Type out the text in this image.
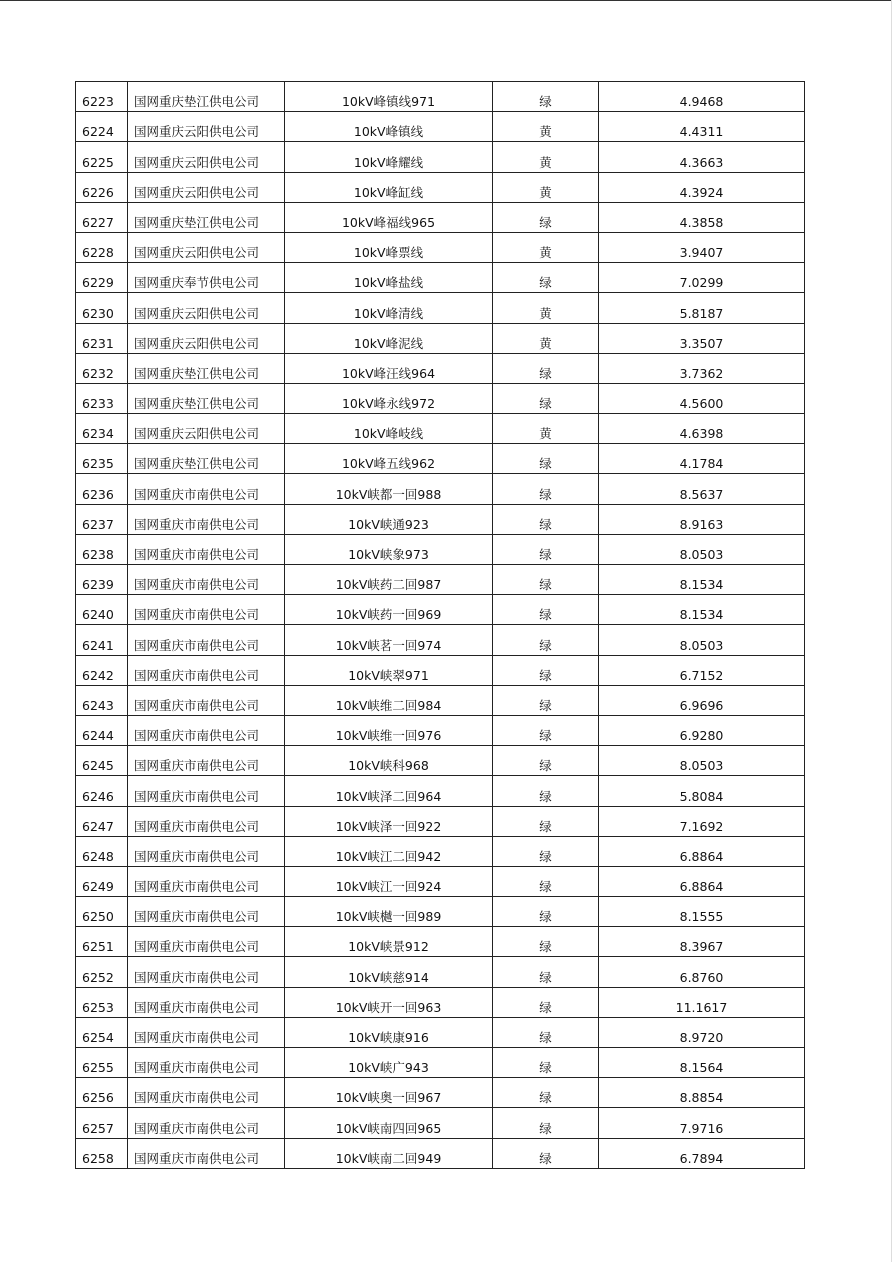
6223	国网重庆垫江供电公司	10kV峰镇线971	绿	4.9468
6224	国网重庆云阳供电公司	10kV峰镇线	黄	4.4311
6225	国网重庆云阳供电公司	10kV峰耀线	黄	4.3663
6226	国网重庆云阳供电公司	10kV峰缸线	黄	4.3924
6227	国网重庆垫江供电公司	10kV峰福线965	绿	4.3858
6228	国网重庆云阳供电公司	10kV峰票线	黄	3.9407
6229	国网重庆奉节供电公司	10kV峰盐线	绿	7.0299
6230	国网重庆云阳供电公司	10kV峰清线	黄	5.8187
6231	国网重庆云阳供电公司	10kV峰泥线	黄	3.3507
6232	国网重庆垫江供电公司	10kV峰汪线964	绿	3.7362
6233	国网重庆垫江供电公司	10kV峰永线972	绿	4.5600
6234	国网重庆云阳供电公司	10kV峰岐线	黄	4.6398
6235	国网重庆垫江供电公司	10kV峰五线962	绿	4.1784
6236	国网重庆市南供电公司	10kV峡都一回988	绿	8.5637
6237	国网重庆市南供电公司	10kV峡通923	绿	8.9163
6238	国网重庆市南供电公司	10kV峡象973	绿	8.0503
6239	国网重庆市南供电公司	10kV峡药二回987	绿	8.1534
6240	国网重庆市南供电公司	10kV峡药一回969	绿	8.1534
6241	国网重庆市南供电公司	10kV峡茗一回974	绿	8.0503
6242	国网重庆市南供电公司	10kV峡翠971	绿	6.7152
6243	国网重庆市南供电公司	10kV峡维二回984	绿	6.9696
6244	国网重庆市南供电公司	10kV峡维一回976	绿	6.9280
6245	国网重庆市南供电公司	10kV峡科968	绿	8.0503
6246	国网重庆市南供电公司	10kV峡泽二回964	绿	5.8084
6247	国网重庆市南供电公司	10kV峡泽一回922	绿	7.1692
6248	国网重庆市南供电公司	10kV峡江二回942	绿	6.8864
6249	国网重庆市南供电公司	10kV峡江一回924	绿	6.8864
6250	国网重庆市南供电公司	10kV峡樾一回989	绿	8.1555
6251	国网重庆市南供电公司	10kV峡景912	绿	8.3967
6252	国网重庆市南供电公司	10kV峡慈914	绿	6.8760
6253	国网重庆市南供电公司	10kV峡开一回963	绿	11.1617
6254	国网重庆市南供电公司	10kV峡康916	绿	8.9720
6255	国网重庆市南供电公司	10kV峡广943	绿	8.1564
6256	国网重庆市南供电公司	10kV峡奥一回967	绿	8.8854
6257	国网重庆市南供电公司	10kV峡南四回965	绿	7.9716
6258	国网重庆市南供电公司	10kV峡南二回949	绿	6.7894
